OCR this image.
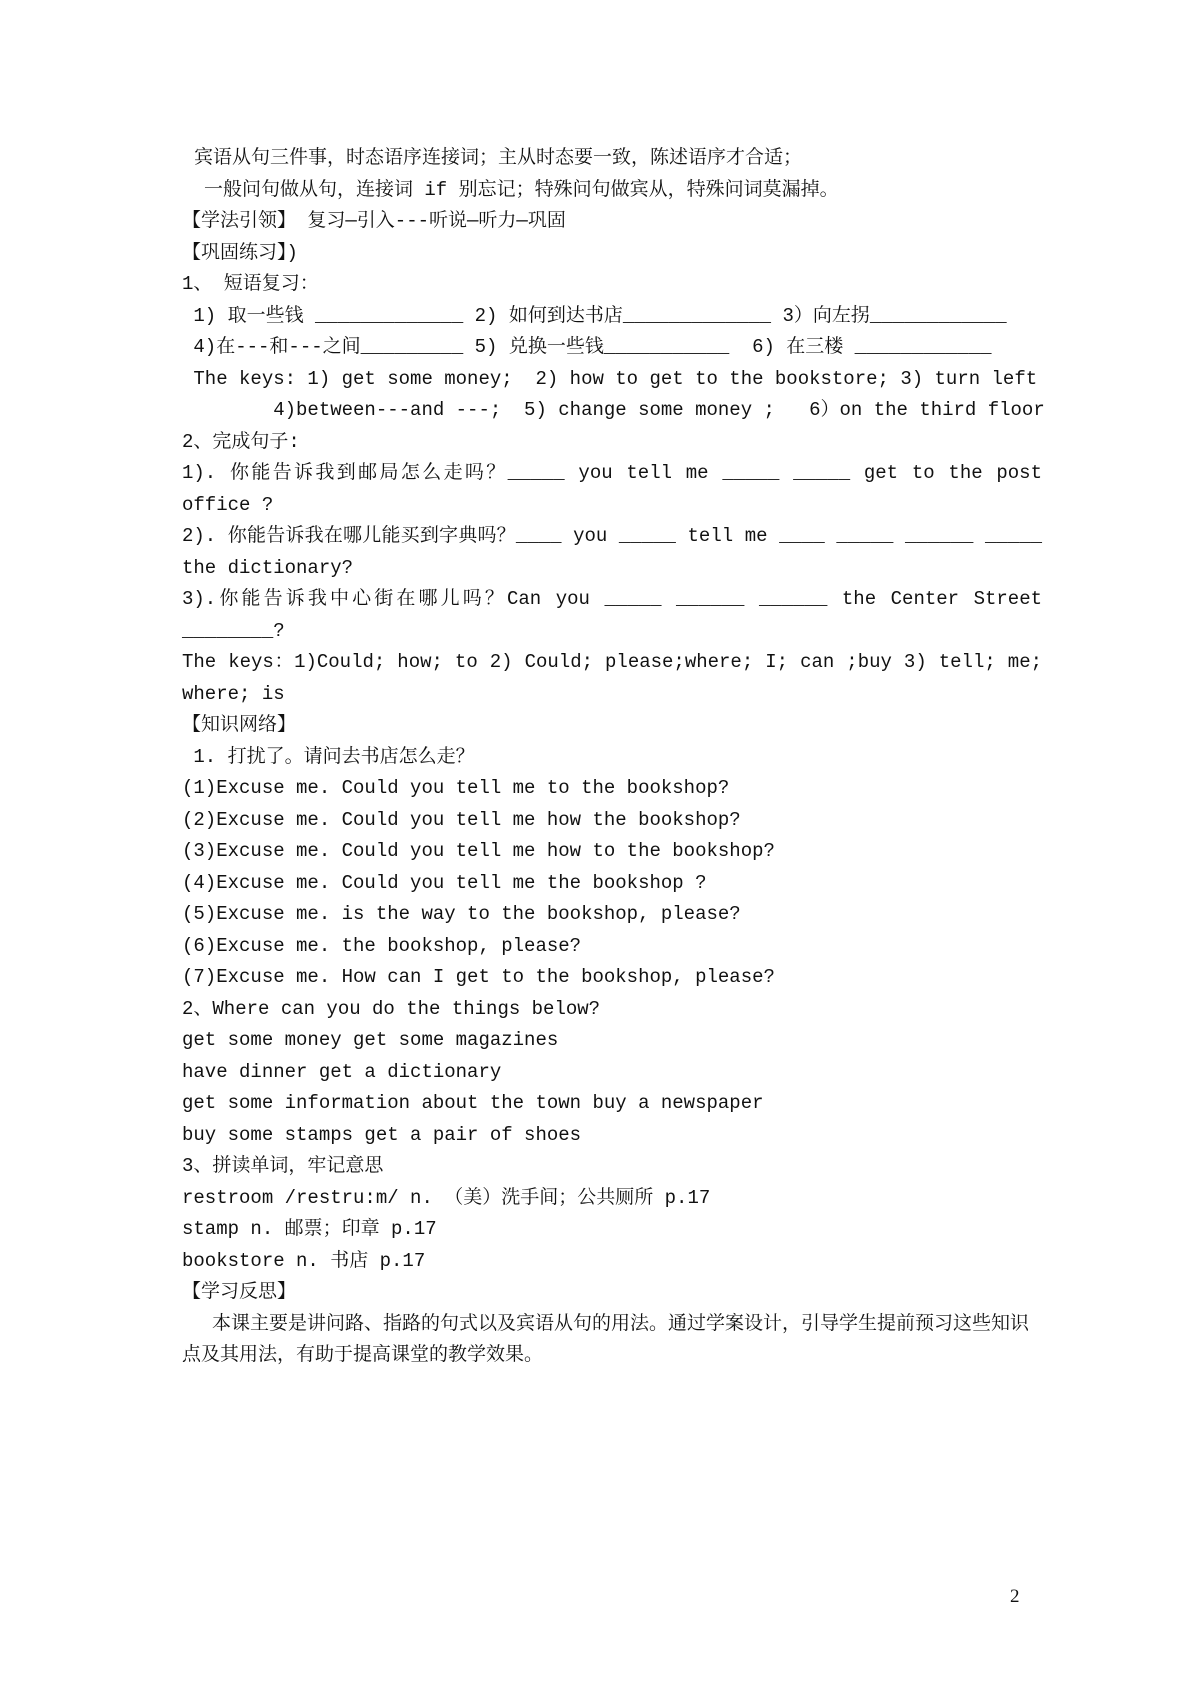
宾语从句三件事，时态语序连接词；主从时态要一致，陈述语序才合适；
一般问句做从句，连接词 if 别忘记；特殊问句做宾从，特殊问词莫漏掉。
【学法引领】 复习—引入---听说—听力—巩固
【巩固练习】)
1、 短语复习：
1) 取一些钱 _____________ 2) 如何到达书店_____________ 3）向左拐____________
4)在---和---之间_________ 5) 兑换一些钱___________  6) 在三楼 ____________
The keys: 1) get some money;  2) how to get to the bookstore; 3) turn left
4)between---and ---;  5) change some money ;   6）on the third floor
2、完成句子:
1). 你能告诉我到邮局怎么走吗？_____ you tell me _____ _____ get to the post office ?
2). 你能告诉我在哪儿能买到字典吗？____ you _____ tell me ____ _____ ______ _____ the dictionary?
3).你能告诉我中心街在哪儿吗？Can you _____ ______ ______ the Center Street ________?
The keys：1)Could; how; to 2) Could; please;where; I; can ;buy 3) tell; me; where; is
【知识网络】
1. 打扰了。请问去书店怎么走？
(1)Excuse me. Could you tell me to the bookshop?
(2)Excuse me. Could you tell me how the bookshop?
(3)Excuse me. Could you tell me how to the bookshop?
(4)Excuse me. Could you tell me the bookshop ?
(5)Excuse me. is the way to the bookshop, please?
(6)Excuse me. the bookshop, please?
(7)Excuse me. How can I get to the bookshop, please?
2、Where can you do the things below?
get some money get some magazines
have dinner get a dictionary
get some information about the town buy a newspaper
buy some stamps get a pair of shoes
3、拼读单词，牢记意思
restroom /restru:m/ n. （美）洗手间；公共厕所 p.17
stamp n. 邮票；印章 p.17
bookstore n. 书店 p.17
【学习反思】
本课主要是讲问路、指路的句式以及宾语从句的用法。通过学案设计，引导学生提前预习这些知识点及其用法，有助于提高课堂的教学效果。
2
